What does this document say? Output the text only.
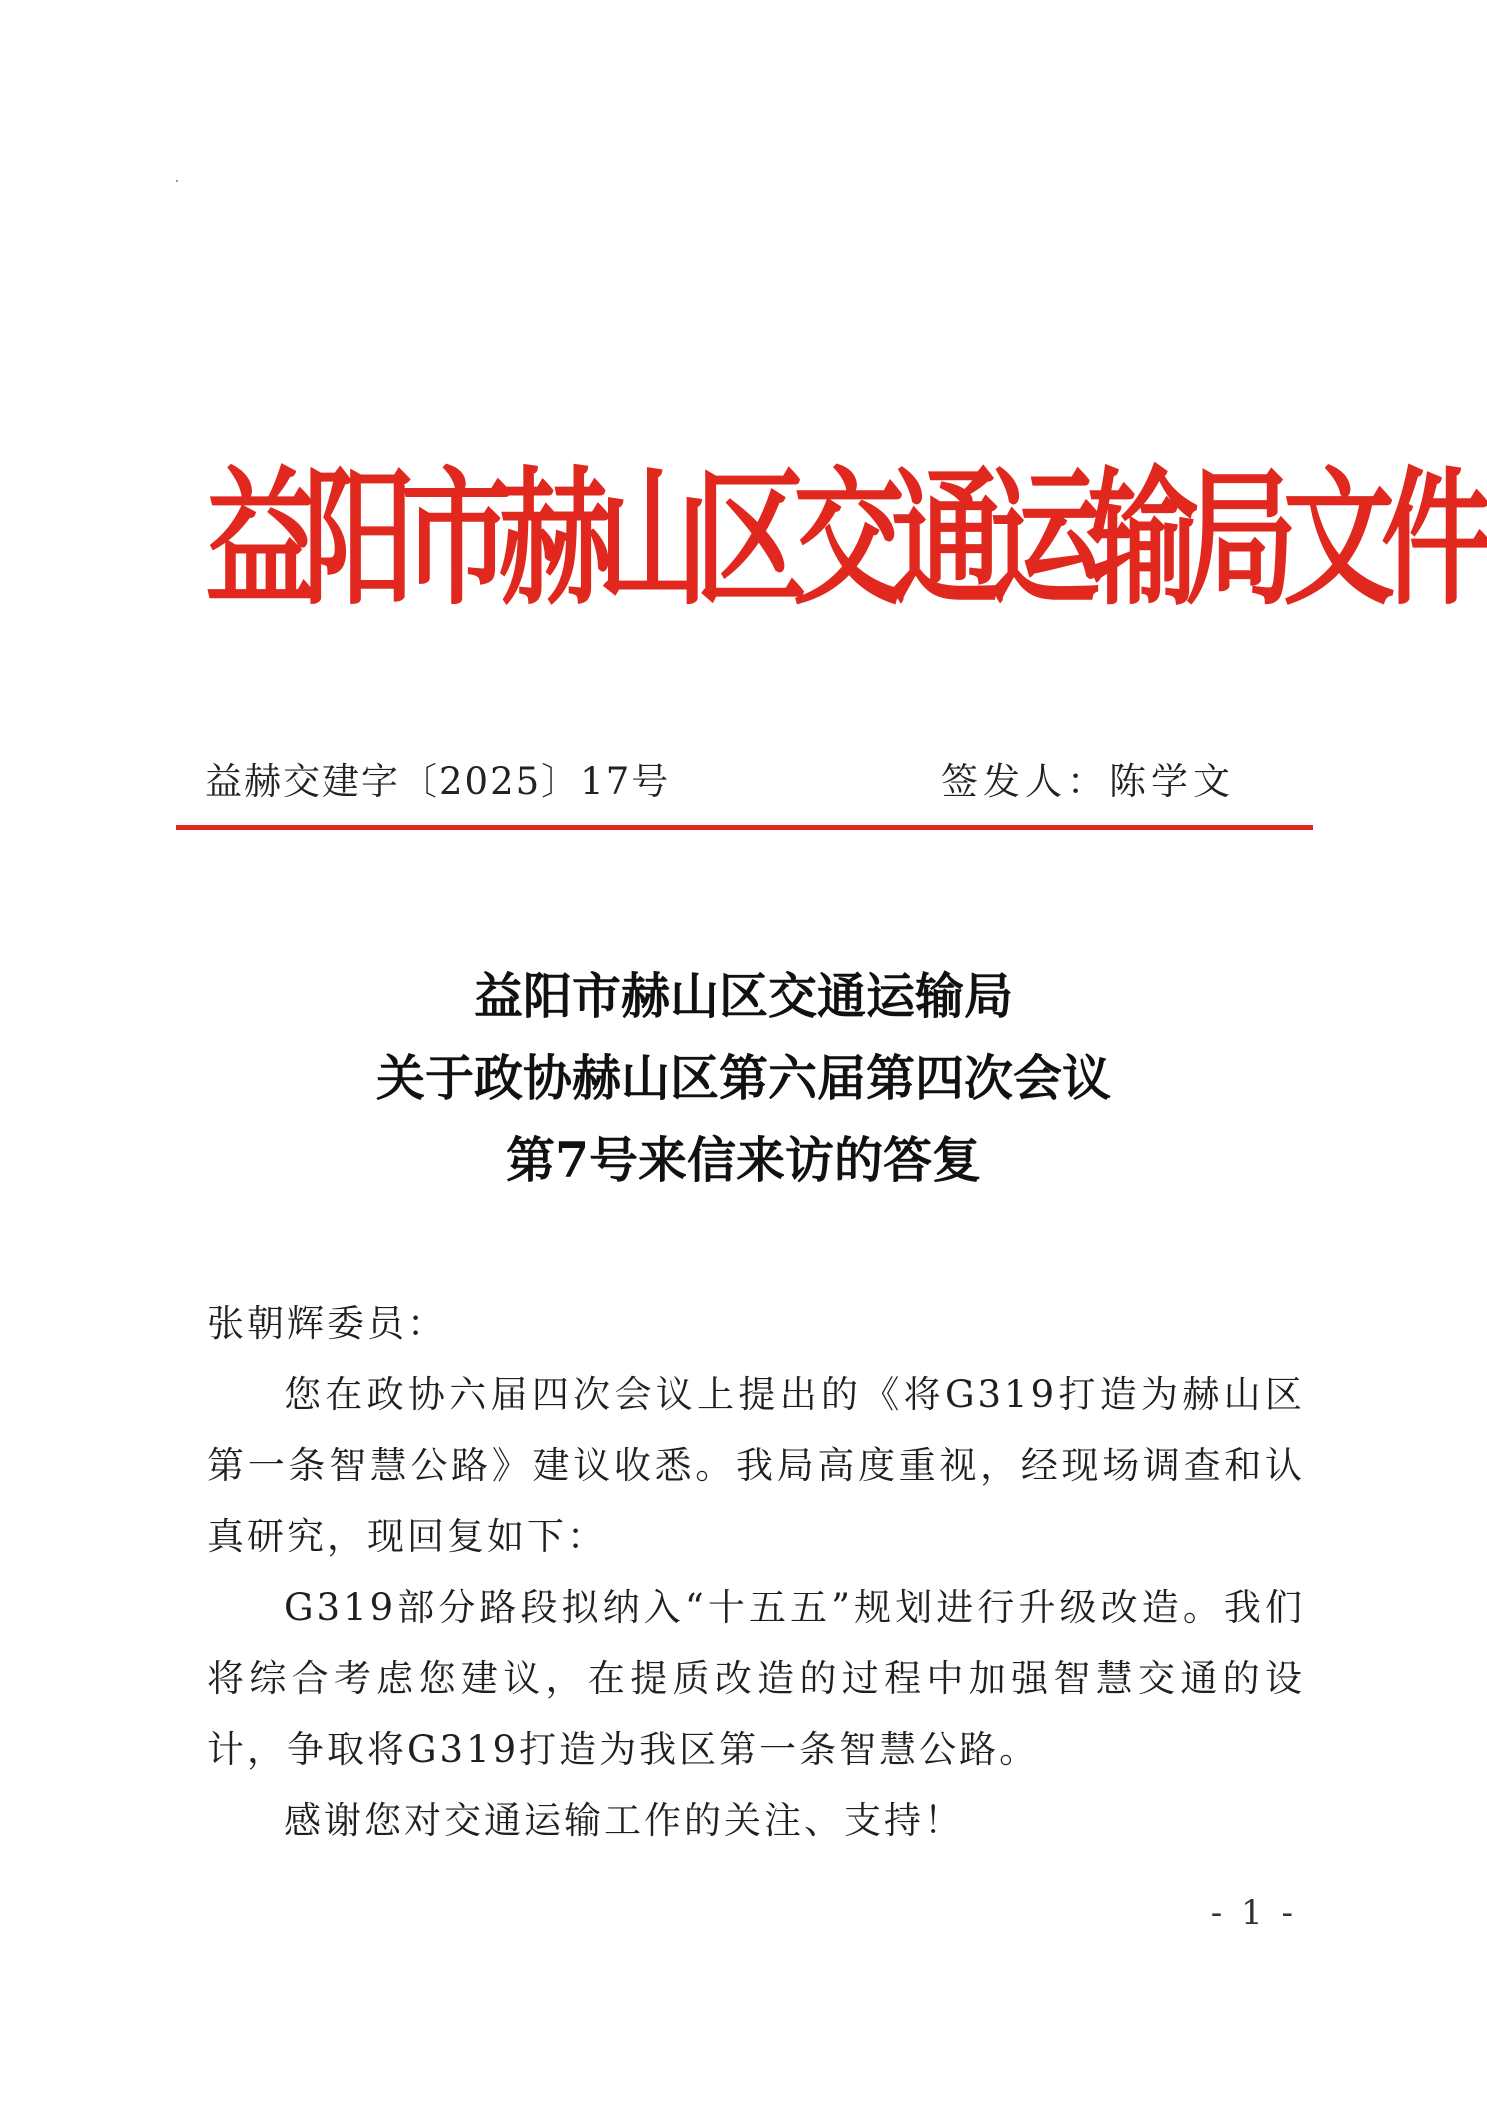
益阳市赫山区交通运输局文件
益赫交建字〔2025〕17号	签发人：陈学文
益阳市赫山区交通运输局
关于政协赫山区第六届第四次会议
第7号来信来访的答复

张朝辉委员：

您在政协六届四次会议上提出的《将G319打造为赫山区第一条智慧公路》建议收悉。我局高度重视，经现场调查和认真研究，现回复如下：

G319部分路段拟纳入“十五五”规划进行升级改造。我们将综合考虑您建议，在提质改造的过程中加强智慧交通的设计，争取将G319打造为我区第一条智慧公路。

感谢您对交通运输工作的关注、支持！

- 1 -
